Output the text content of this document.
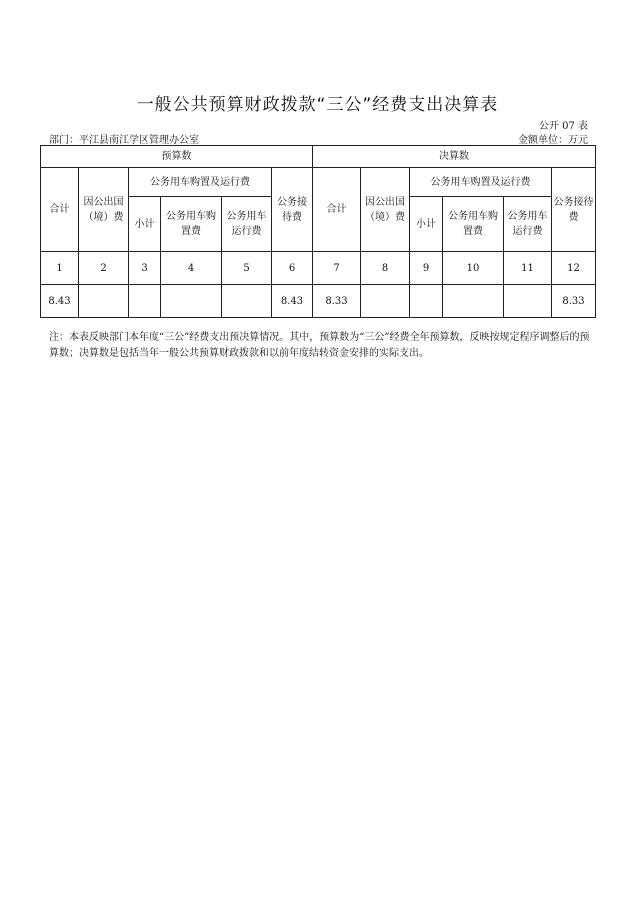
一般公共预算财政拨款“三公”经费支出决算表
公开 07 表
部门：平江县南江学区管理办公室	金额单位：万元
预算数						决算数					
合计	因公出国（境）费	公务用车购置及运行费			公务接待费	合计	因公出国（境）费	公务用车购置及运行费			公务接待费
		小计	公务用车购置费	公务用车运行费				小计	公务用车购置费	公务用车运行费	
1	2	3	4	5	6	7	8	9	10	11	12
8.43					8.43	8.33					8.33
注：本表反映部门本年度“三公”经费支出预决算情况。其中，预算数为“三公”经费全年预算数，反映按规定程序调整后的预算数；决算数是包括当年一般公共预算财政拨款和以前年度结转资金安排的实际支出。
